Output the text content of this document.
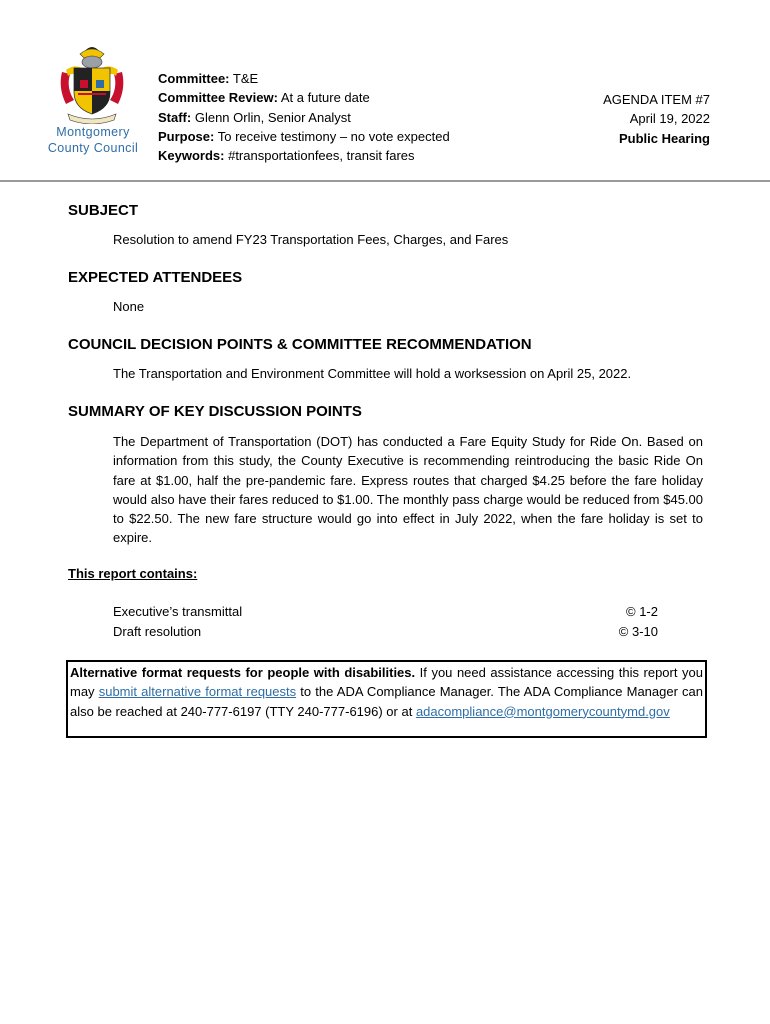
Montgomery
County Council
Committee: T&E
Committee Review: At a future date
Staff: Glenn Orlin, Senior Analyst
Purpose: To receive testimony – no vote expected
Keywords: #transportationfees, transit fares
AGENDA ITEM #7
April 19, 2022
Public Hearing
SUBJECT
Resolution to amend FY23 Transportation Fees, Charges, and Fares
EXPECTED ATTENDEES
None
COUNCIL DECISION POINTS & COMMITTEE RECOMMENDATION
The Transportation and Environment Committee will hold a worksession on April 25, 2022.
SUMMARY OF KEY DISCUSSION POINTS
The Department of Transportation (DOT) has conducted a Fare Equity Study for Ride On. Based on information from this study, the County Executive is recommending reintroducing the basic Ride On fare at $1.00, half the pre-pandemic fare. Express routes that charged $4.25 before the fare holiday would also have their fares reduced to $1.00. The monthly pass charge would be reduced from $45.00 to $22.50. The new fare structure would go into effect in July 2022, when the fare holiday is set to expire.
This report contains:
Executive’s transmittal	© 1-2
Draft resolution	© 3-10
Alternative format requests for people with disabilities. If you need assistance accessing this report you may submit alternative format requests to the ADA Compliance Manager. The ADA Compliance Manager can also be reached at 240-777-6197 (TTY 240-777-6196) or at adacompliance@montgomerycountymd.gov
